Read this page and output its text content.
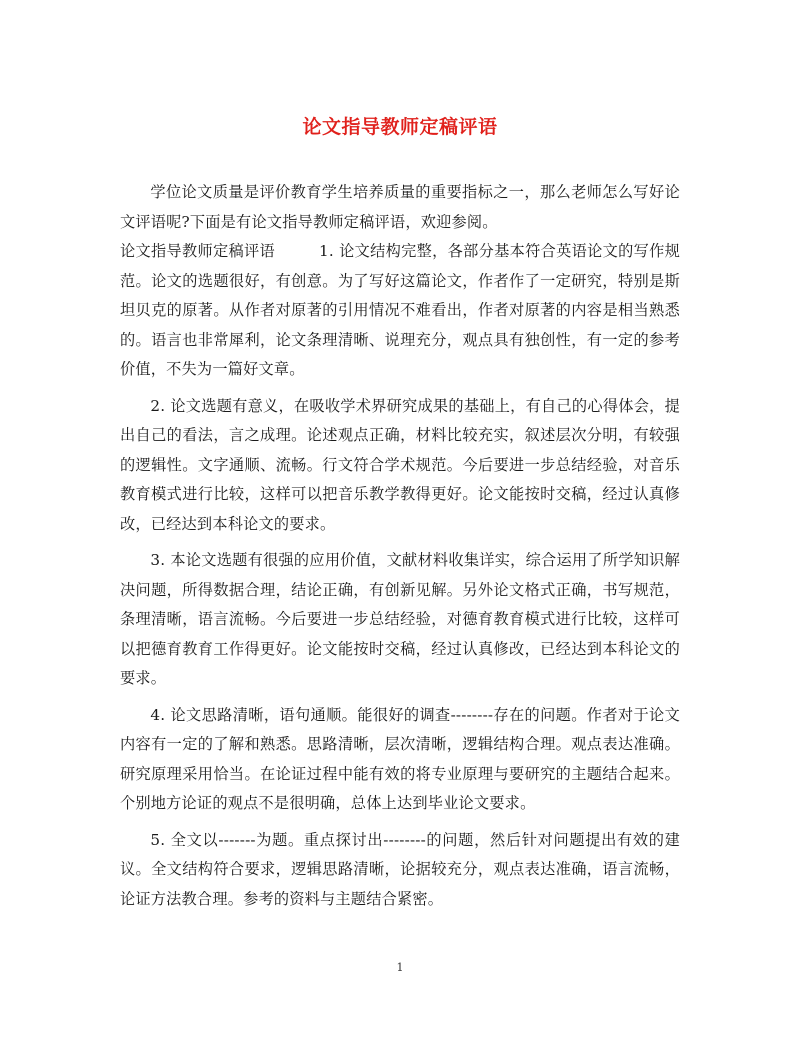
论文指导教师定稿评语

学位论文质量是评价教育学生培养质量的重要指标之一，那么老师怎么写好论文评语呢?下面是有论文指导教师定稿评语，欢迎参阅。

论文指导教师定稿评语	1. 论文结构完整，各部分基本符合英语论文的写作规范。论文的选题很好，有创意。为了写好这篇论文，作者作了一定研究，特别是斯坦贝克的原著。从作者对原著的引用情况不难看出，作者对原著的内容是相当熟悉的。语言也非常犀利，论文条理清晰、说理充分，观点具有独创性，有一定的参考价值，不失为一篇好文章。

2. 论文选题有意义，在吸收学术界研究成果的基础上，有自己的心得体会，提出自己的看法，言之成理。论述观点正确，材料比较充实，叙述层次分明，有较强的逻辑性。文字通顺、流畅。行文符合学术规范。今后要进一步总结经验，对音乐教育模式进行比较，这样可以把音乐教学教得更好。论文能按时交稿，经过认真修改，已经达到本科论文的要求。

3. 本论文选题有很强的应用价值，文献材料收集详实，综合运用了所学知识解决问题，所得数据合理，结论正确，有创新见解。另外论文格式正确，书写规范，条理清晰，语言流畅。今后要进一步总结经验，对德育教育模式进行比较，这样可以把德育教育工作得更好。论文能按时交稿，经过认真修改，已经达到本科论文的要求。

4. 论文思路清晰，语句通顺。能很好的调查--------存在的问题。作者对于论文内容有一定的了解和熟悉。思路清晰，层次清晰，逻辑结构合理。观点表达准确。研究原理采用恰当。在论证过程中能有效的将专业原理与要研究的主题结合起来。个别地方论证的观点不是很明确，总体上达到毕业论文要求。

5. 全文以-------为题。重点探讨出--------的问题，然后针对问题提出有效的建议。全文结构符合要求，逻辑思路清晰，论据较充分，观点表达准确，语言流畅，论证方法教合理。参考的资料与主题结合紧密。

1
